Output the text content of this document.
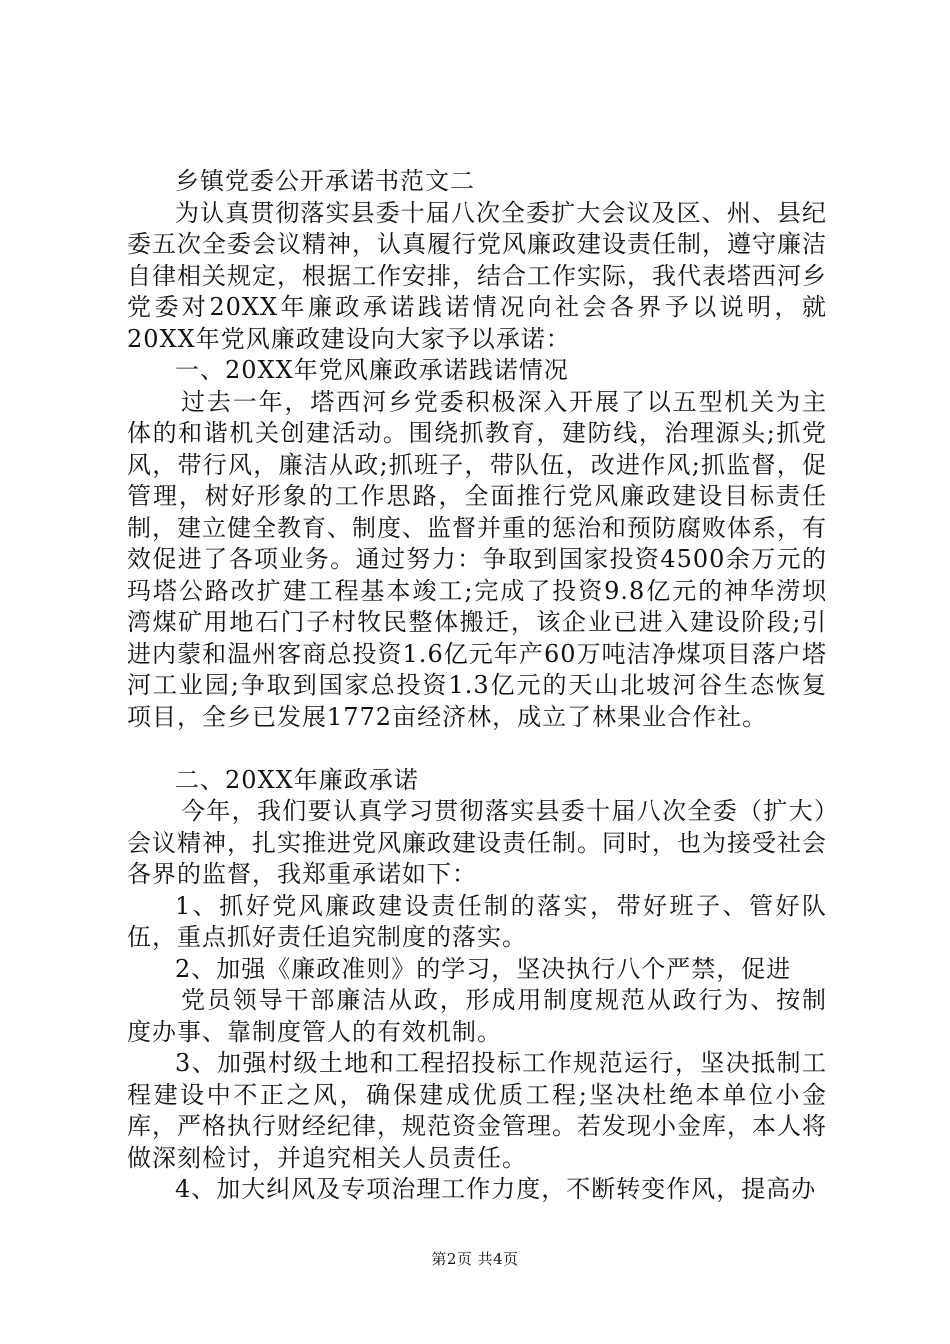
乡镇党委公开承诺书范文二

为认真贯彻落实县委十届八次全委扩大会议及区、州、县纪委五次全委会议精神，认真履行党风廉政建设责任制，遵守廉洁自律相关规定，根据工作安排，结合工作实际，我代表塔西河乡党委对20XX年廉政承诺践诺情况向社会各界予以说明，就20XX年党风廉政建设向大家予以承诺：

一、20XX年党风廉政承诺践诺情况

过去一年，塔西河乡党委积极深入开展了以五型机关为主体的和谐机关创建活动。围绕抓教育，建防线，治理源头;抓党风，带行风，廉洁从政;抓班子，带队伍，改进作风;抓监督，促管理，树好形象的工作思路，全面推行党风廉政建设目标责任制，建立健全教育、制度、监督并重的惩治和预防腐败体系，有效促进了各项业务。通过努力：争取到国家投资4500余万元的玛塔公路改扩建工程基本竣工;完成了投资9.8亿元的神华涝坝湾煤矿用地石门子村牧民整体搬迁，该企业已进入建设阶段;引进内蒙和温州客商总投资1.6亿元年产60万吨洁净煤项目落户塔河工业园;争取到国家总投资1.3亿元的天山北坡河谷生态恢复项目，全乡已发展1772亩经济林，成立了林果业合作社。

二、20XX年廉政承诺

今年，我们要认真学习贯彻落实县委十届八次全委（扩大）会议精神，扎实推进党风廉政建设责任制。同时，也为接受社会各界的监督，我郑重承诺如下：

1、抓好党风廉政建设责任制的落实，带好班子、管好队伍，重点抓好责任追究制度的落实。

2、加强《廉政准则》的学习，坚决执行八个严禁，促进

党员领导干部廉洁从政，形成用制度规范从政行为、按制度办事、靠制度管人的有效机制。

3、加强村级土地和工程招投标工作规范运行，坚决抵制工程建设中不正之风，确保建成优质工程;坚决杜绝本单位小金库，严格执行财经纪律，规范资金管理。若发现小金库，本人将做深刻检讨，并追究相关人员责任。

4、加大纠风及专项治理工作力度，不断转变作风，提高办

第2页 共4页
